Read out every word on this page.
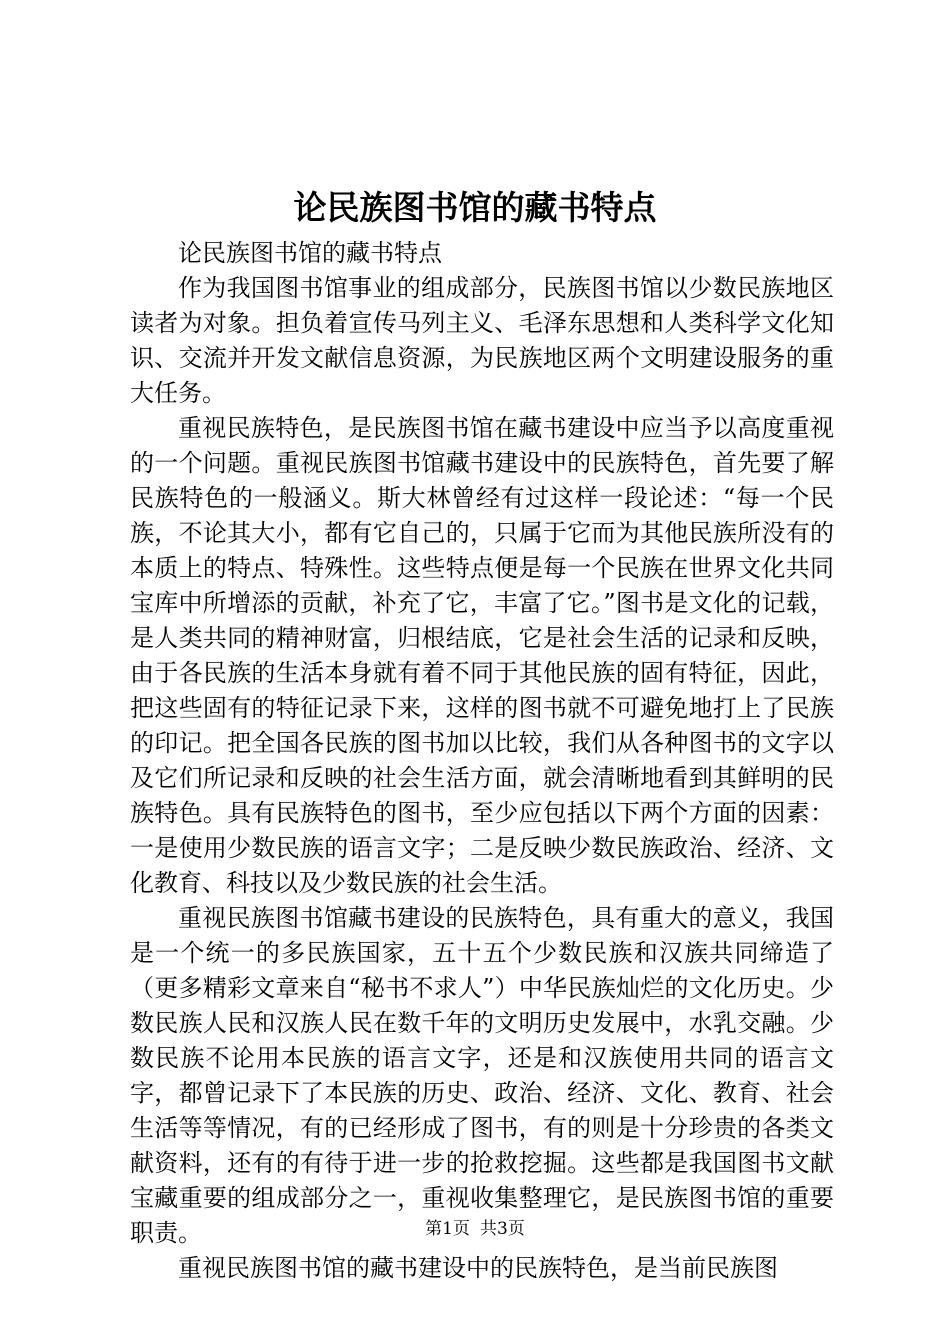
论民族图书馆的藏书特点

论民族图书馆的藏书特点

作为我国图书馆事业的组成部分，民族图书馆以少数民族地区读者为对象。担负着宣传马列主义、毛泽东思想和人类科学文化知识、交流并开发文献信息资源，为民族地区两个文明建设服务的重大任务。

重视民族特色，是民族图书馆在藏书建设中应当予以高度重视的一个问题。重视民族图书馆藏书建设中的民族特色，首先要了解民族特色的一般涵义。斯大林曾经有过这样一段论述：“每一个民族，不论其大小，都有它自己的，只属于它而为其他民族所没有的本质上的特点、特殊性。这些特点便是每一个民族在世界文化共同宝库中所增添的贡献，补充了它，丰富了它。”图书是文化的记载，是人类共同的精神财富，归根结底，它是社会生活的记录和反映，由于各民族的生活本身就有着不同于其他民族的固有特征，因此，把这些固有的特征记录下来，这样的图书就不可避免地打上了民族的印记。把全国各民族的图书加以比较，我们从各种图书的文字以及它们所记录和反映的社会生活方面，就会清晰地看到其鲜明的民族特色。具有民族特色的图书，至少应包括以下两个方面的因素：一是使用少数民族的语言文字；二是反映少数民族政治、经济、文化教育、科技以及少数民族的社会生活。

重视民族图书馆藏书建设的民族特色，具有重大的意义，我国是一个统一的多民族国家，五十五个少数民族和汉族共同缔造了（更多精彩文章来自“秘书不求人”）中华民族灿烂的文化历史。少数民族人民和汉族人民在数千年的文明历史发展中，水乳交融。少数民族不论用本民族的语言文字，还是和汉族使用共同的语言文字，都曾记录下了本民族的历史、政治、经济、文化、教育、社会生活等等情况，有的已经形成了图书，有的则是十分珍贵的各类文献资料，还有的有待于进一步的抢救挖掘。这些都是我国图书文献宝藏重要的组成部分之一，重视收集整理它，是民族图书馆的重要职责。

重视民族图书馆的藏书建设中的民族特色，是当前民族图

第1页 共3页
